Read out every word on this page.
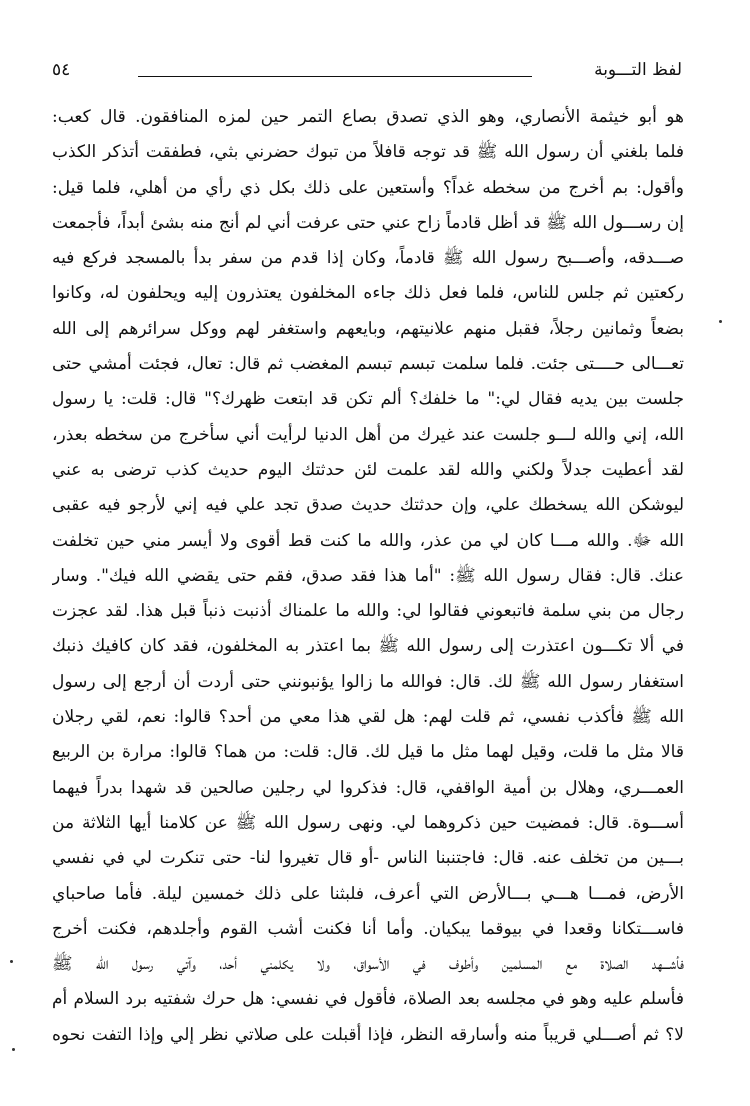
لفظ التـــوبة
٥٤
هو أبو خيثمة الأنصاري، وهو الذي تصدق بصاع التمر حين لمزه المنافقون. قال كعب:
فلما بلغني أن رسول الله ﷺ قد توجه قافلاً من تبوك حضرني بثي، فطفقت أتذكر الكذب
وأقول: بم أخرج من سخطه غداً؟ وأستعين على ذلك بكل ذي رأي من أهلي، فلما قيل:
إن رســـول الله ﷺ قد أظل قادماً زاح عني حتى عرفت أني لم أنج منه بشئ أبداً، فأجمعت
صـــدقه، وأصـــبح رسول الله ﷺ قادماً، وكان إذا قدم من سفر بدأ بالمسجد فركع فيه
ركعتين ثم جلس للناس، فلما فعل ذلك جاءه المخلفون يعتذرون إليه ويحلفون له، وكانوا
بضعاً وثمانين رجلاً، فقبل منهم علانيتهم، وبايعهم واستغفر لهم ووكل سرائرهم إلى الله
تعـــالى حــــتى جئت. فلما سلمت تبسم تبسم المغضب ثم قال: تعال، فجئت أمشي حتى
جلست بين يديه فقال لي:" ما خلفك؟ ألم تكن قد ابتعت ظهرك؟" قال: قلت: يا رسول
الله، إني والله لـــو جلست عند غيرك من أهل الدنيا لرأيت أني سأخرج من سخطه بعذر،
لقد أعطيت جدلاً ولكني والله لقد علمت لئن حدثتك اليوم حديث كذب ترضى به عني
ليوشكن الله يسخطك علي، وإن حدثتك حديث صدق تجد علي فيه إني لأرجو فيه عقبى
الله ﷻ. والله مـــا كان لي من عذر، والله ما كنت قط أقوى ولا أيسر مني حين تخلفت
عنك. قال: فقال رسول الله ﷺ: "أما هذا فقد صدق، فقم حتى يقضي الله فيك". وسار
رجال من بني سلمة فاتبعوني فقالوا لي: والله ما علمناك أذنبت ذنباً قبل هذا. لقد عجزت
في ألا تكـــون اعتذرت إلى رسول الله ﷺ بما اعتذر به المخلفون، فقد كان كافيك ذنبك
استغفار رسول الله ﷺ لك. قال: فوالله ما زالوا يؤنبونني حتى أردت أن أرجع إلى رسول
الله ﷺ فأكذب نفسي، ثم قلت لهم: هل لقي هذا معي من أحد؟ قالوا: نعم، لقي رجلان
قالا مثل ما قلت، وقيل لهما مثل ما قيل لك. قال: قلت: من هما؟ قالوا: مرارة بن الربيع
العمـــري، وهلال بن أمية الواقفي، قال: فذكروا لي رجلين صالحين قد شهدا بدراً فيهما
أســـوة. قال: فمضيت حين ذكروهما لي. ونهى رسول الله ﷺ عن كلامنا أيها الثلاثة من
بـــين من تخلف عنه. قال: فاجتنبنا الناس -أو قال تغيروا لنا- حتى تنكرت لي في نفسي
الأرض، فمـــا هـــي بـــالأرض التي أعرف، فلبثنا على ذلك خمسين ليلة. فأما صاحباي
فاســـتكانا وقعدا في بيوقما يبكيان. وأما أنا فكنت أشب القوم وأجلدهم، فكنت أخرج
فأشـــهد الصلاة مع المسلمين وأطوف في الأسواق، ولا يكلمني أحد، وآتي رسول الله ﷺ
فأسلم عليه وهو في مجلسه بعد الصلاة، فأقول في نفسي: هل حرك شفتيه برد السلام أم
لا؟ ثم أصـــلي قريباً منه وأسارقه النظر، فإذا أقبلت على صلاتي نظر إلي وإذا التفت نحوه
